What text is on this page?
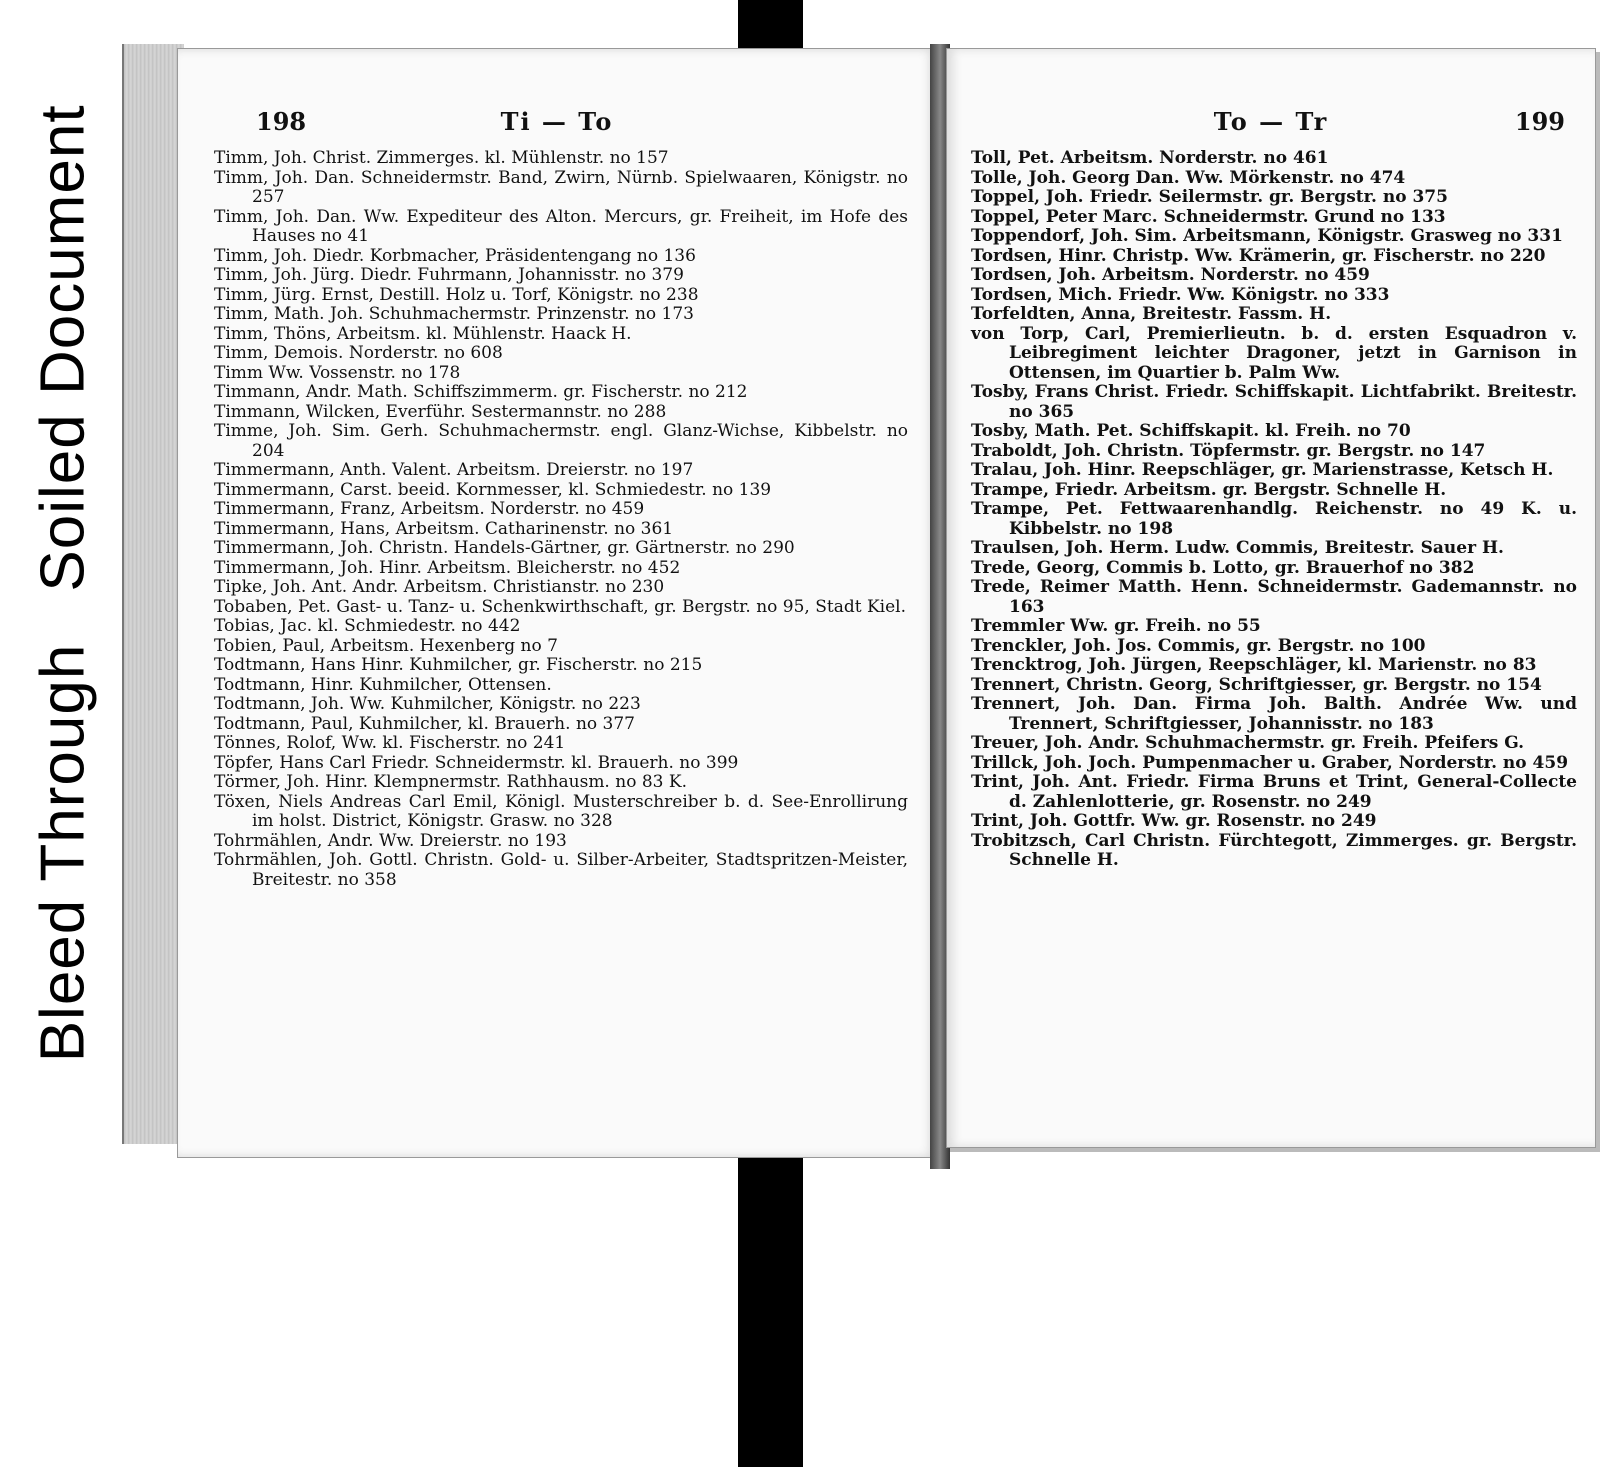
Soiled Document
Bleed Through
198	Ti — To

Timm, Joh. Christ. Zimmerges. kl. Mühlenstr. no 157

Timm, Joh. Dan. Schneidermstr. Band, Zwirn, Nürnb. Spielwaaren, Königstr. no 257

Timm, Joh. Dan. Ww. Expediteur des Alton. Mercurs, gr. Freiheit, im Hofe des Hauses no 41

Timm, Joh. Diedr. Korbmacher, Präsidentengang no 136

Timm, Joh. Jürg. Diedr. Fuhrmann, Johannisstr. no 379

Timm, Jürg. Ernst, Destill. Holz u. Torf, Königstr. no 238

Timm, Math. Joh. Schuhmachermstr. Prinzenstr. no 173

Timm, Thöns, Arbeitsm. kl. Mühlenstr. Haack H.

Timm, Demois. Norderstr. no 608

Timm Ww. Vossenstr. no 178

Timmann, Andr. Math. Schiffszimmerm. gr. Fischerstr. no 212

Timmann, Wilcken, Everführ. Sestermannstr. no 288

Timme, Joh. Sim. Gerh. Schuhmachermstr. engl. Glanz-Wichse, Kibbelstr. no 204

Timmermann, Anth. Valent. Arbeitsm. Dreierstr. no 197

Timmermann, Carst. beeid. Kornmesser, kl. Schmiedestr. no 139

Timmermann, Franz, Arbeitsm. Norderstr. no 459

Timmermann, Hans, Arbeitsm. Catharinenstr. no 361

Timmermann, Joh. Christn. Handels-Gärtner, gr. Gärtnerstr. no 290

Timmermann, Joh. Hinr. Arbeitsm. Bleicherstr. no 452

Tipke, Joh. Ant. Andr. Arbeitsm. Christianstr. no 230

Tobaben, Pet. Gast- u. Tanz- u. Schenkwirthschaft, gr. Bergstr. no 95, Stadt Kiel.

Tobias, Jac. kl. Schmiedestr. no 442

Tobien, Paul, Arbeitsm. Hexenberg no 7

Todtmann, Hans Hinr. Kuhmilcher, gr. Fischerstr. no 215

Todtmann, Hinr. Kuhmilcher, Ottensen.

Todtmann, Joh. Ww. Kuhmilcher, Königstr. no 223

Todtmann, Paul, Kuhmilcher, kl. Brauerh. no 377

Tönnes, Rolof, Ww. kl. Fischerstr. no 241

Töpfer, Hans Carl Friedr. Schneidermstr. kl. Brauerh. no 399

Törmer, Joh. Hinr. Klempnermstr. Rathhausm. no 83 K.

Töxen, Niels Andreas Carl Emil, Königl. Musterschreiber b. d. See-Enrollirung im holst. District, Königstr. Grasw. no 328

Tohrmählen, Andr. Ww. Dreierstr. no 193

Tohrmählen, Joh. Gottl. Christn. Gold- u. Silber-Arbeiter, Stadtspritzen-Meister, Breitestr. no 358

To — Tr	199

Toll, Pet. Arbeitsm. Norderstr. no 461

Tolle, Joh. Georg Dan. Ww. Mörkenstr. no 474

Toppel, Joh. Friedr. Seilermstr. gr. Bergstr. no 375

Toppel, Peter Marc. Schneidermstr. Grund no 133

Toppendorf, Joh. Sim. Arbeitsmann, Königstr. Grasweg no 331

Tordsen, Hinr. Christp. Ww. Krämerin, gr. Fischerstr. no 220

Tordsen, Joh. Arbeitsm. Norderstr. no 459

Tordsen, Mich. Friedr. Ww. Königstr. no 333

Torfeldten, Anna, Breitestr. Fassm. H.

von Torp, Carl, Premierlieutn. b. d. ersten Esquadron v. Leibregiment leichter Dragoner, jetzt in Garnison in Ottensen, im Quartier b. Palm Ww.

Tosby, Frans Christ. Friedr. Schiffskapit. Lichtfabrikt. Breitestr. no 365

Tosby, Math. Pet. Schiffskapit. kl. Freih. no 70

Traboldt, Joh. Christn. Töpfermstr. gr. Bergstr. no 147

Tralau, Joh. Hinr. Reepschläger, gr. Marienstrasse, Ketsch H.

Trampe, Friedr. Arbeitsm. gr. Bergstr. Schnelle H.

Trampe, Pet. Fettwaarenhandlg. Reichenstr. no 49 K. u. Kibbelstr. no 198

Traulsen, Joh. Herm. Ludw. Commis, Breitestr. Sauer H.

Trede, Georg, Commis b. Lotto, gr. Brauerhof no 382

Trede, Reimer Matth. Henn. Schneidermstr. Gademannstr. no 163

Tremmler Ww. gr. Freih. no 55

Trenckler, Joh. Jos. Commis, gr. Bergstr. no 100

Trencktrog, Joh. Jürgen, Reepschläger, kl. Marienstr. no 83

Trennert, Christn. Georg, Schriftgiesser, gr. Bergstr. no 154

Trennert, Joh. Dan. Firma Joh. Balth. Andrée Ww. und Trennert, Schriftgiesser, Johannisstr. no 183

Treuer, Joh. Andr. Schuhmachermstr. gr. Freih. Pfeifers G.

Trillck, Joh. Joch. Pumpenmacher u. Graber, Norderstr. no 459

Trint, Joh. Ant. Friedr. Firma Bruns et Trint, General-Collecte d. Zahlenlotterie, gr. Rosenstr. no 249

Trint, Joh. Gottfr. Ww. gr. Rosenstr. no 249

Trobitzsch, Carl Christn. Fürchtegott, Zimmerges. gr. Bergstr. Schnelle H.
